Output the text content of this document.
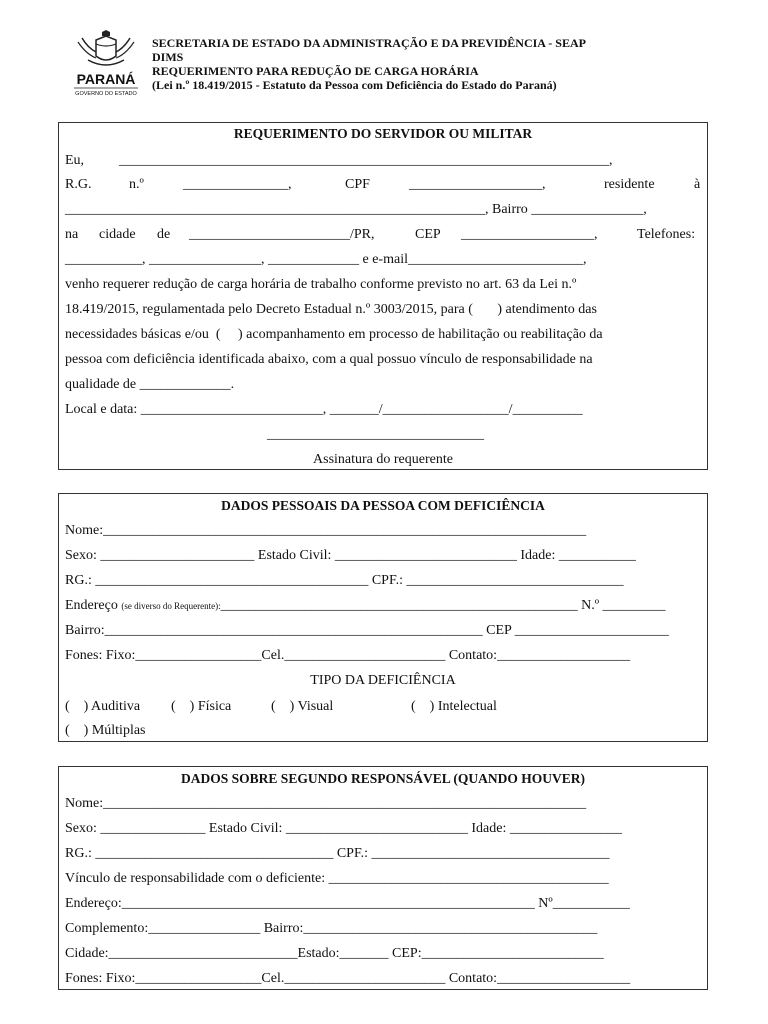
PARANÁ
GOVERNO DO ESTADO
SECRETARIA DE ESTADO DA ADMINISTRAÇÃO E DA PREVIDÊNCIA - SEAP
DIMS
REQUERIMENTO PARA REDUÇÃO DE CARGA HORÁRIA
(Lei n.º 18.419/2015 - Estatuto da Pessoa com Deficiência do Estado do Paraná)
REQUERIMENTO DO SERVIDOR OU MILITAR
Eu, ______________________________________________________________________,
R.G.	n.º	_______________,	CPF	___________________,	residente	à
____________________________________________________________, Bairro ________________,
na cidade de _______________________/PR,	CEP ___________________,	Telefones:
___________, ________________, _____________ e e-mail_________________________,
venho requerer redução de carga horária de trabalho conforme previsto no art. 63 da Lei n.º
18.419/2015, regulamentada pelo Decreto Estadual n.º 3003/2015, para (       ) atendimento das
necessidades básicas e/ou  (     ) acompanhamento em processo de habilitação ou reabilitação da
pessoa com deficiência identificada abaixo, com a qual possuo vínculo de responsabilidade na
qualidade de _____________.
Local e data: __________________________, _______/__________________/__________
_______________________________
Assinatura do requerente
DADOS PESSOAIS DA PESSOA COM DEFICIÊNCIA
Nome:_____________________________________________________________________
Sexo: ______________________ Estado Civil: __________________________ Idade: ___________
RG.: _______________________________________ CPF.: _______________________________
Endereço (se diverso do Requerente):___________________________________________________ N.º _________
Bairro:______________________________________________________ CEP ______________________
Fones: Fixo:__________________Cel._______________________ Contato:___________________
TIPO DA DEFICIÊNCIA
(    ) Auditiva (    ) Física	(    ) Visual	(    ) Intelectual
(    ) Múltiplas
DADOS SOBRE SEGUNDO RESPONSÁVEL (QUANDO HOUVER)
Nome:_____________________________________________________________________
Sexo: _______________ Estado Civil: __________________________ Idade: ________________
RG.: __________________________________ CPF.: __________________________________
Vínculo de responsabilidade com o deficiente: ________________________________________
Endereço:___________________________________________________________ Nº___________
Complemento:________________ Bairro:__________________________________________
Cidade:___________________________Estado:_______ CEP:__________________________
Fones: Fixo:__________________Cel._______________________ Contato:___________________
